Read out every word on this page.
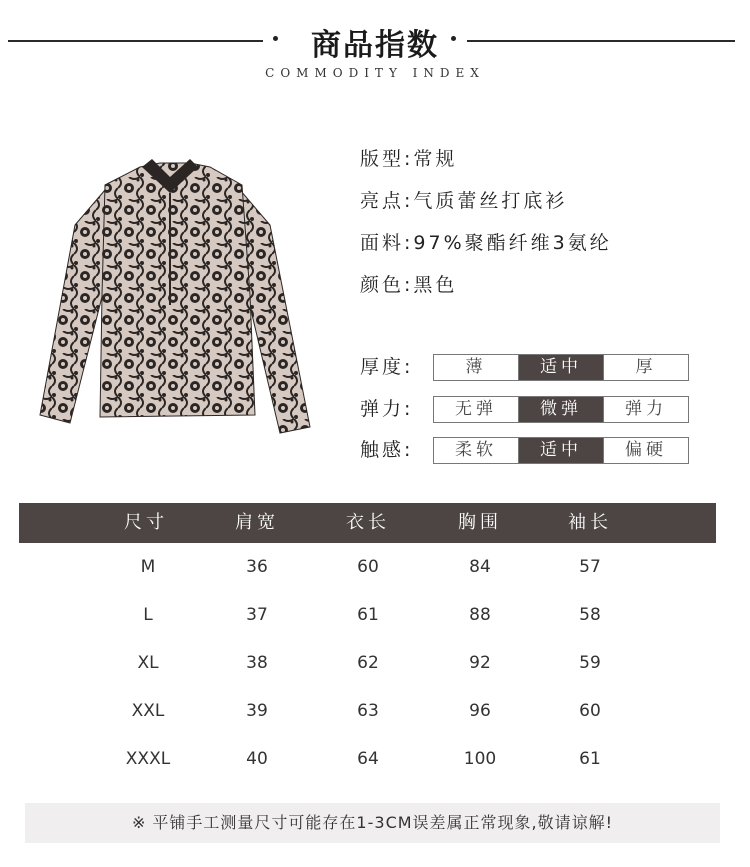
商品指数
COMMODITY INDEX
版型:常规
亮点:气质蕾丝打底衫
面料:97%聚酯纤维3氨纶
颜色:黑色
厚度:	薄	适中	厚
弹力:	无弹	微弹	弹力
触感:	柔软	适中	偏硬
尺寸	肩宽	衣长	胸围	袖长
M	36	60	84	57
L	37	61	88	58
XL	38	62	92	59
XXL	39	63	96	60
XXXL	40	64	100	61
※ 平铺手工测量尺寸可能存在1-3CM误差属正常现象,敬请谅解!
